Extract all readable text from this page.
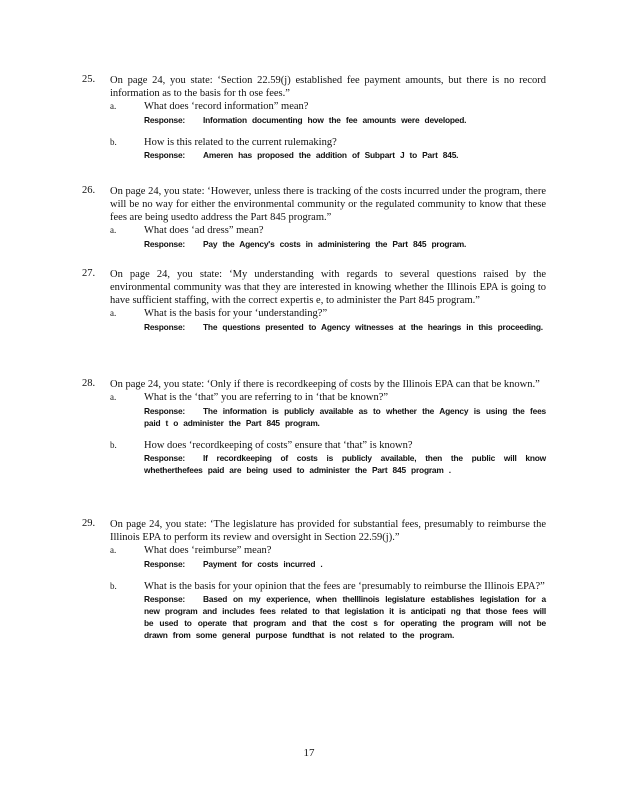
25. On page 24, you state: ‘Section 22.59(j) established fee payment amounts, but there is no record information as to the basis for th ose fees.”
a.	What does ‘record information” mean?
Response: Information documenting how the fee amounts were developed.
b.	How is this related to the current rulemaking?
Response: Ameren has proposed the addition of Subpart J to Part 845.
26. On page 24, you state: ‘However, unless there is tracking of the costs incurred under the program, there will be no way for either the environmental community or the regulated community to know that these fees are being usedto address the Part 845 program.”
a.	What does ‘ad dress” mean?
Response: Pay the Agency's costs in administering the Part 845 program.
27. On page 24, you state: ‘My understanding with regards to several questions raised by the environmental community was that they are interested in knowing whether the Illinois EPA is going to have sufficient staffing, with the correct expertis e, to administer the Part 845 program.”
a.	What is the basis for your ‘understanding?”
Response: The questions presented to Agency witnesses at the hearings in this proceeding.
28. On page 24, you state: ‘Only if there is recordkeeping of costs by the Illinois EPA can that be known.”
a.	What is the ‘that” you are referring to in ‘that be known?”
Response: The information is publicly available as to whether the Agency is using the fees paid t o administer the Part 845 program.
b.	How does ‘recordkeeping of costs” ensure that ‘that” is known?
Response: If recordkeeping of costs is publicly available, then the public will know whetherthefees paid are being used to administer the Part 845 program .
29. On page 24, you state: ‘The legislature has provided for substantial fees, presumably to reimburse the Illinois EPA to perform its review and oversight in Section 22.59(j).”
a.	What does ‘reimburse” mean?
Response: Payment for costs incurred .
b.	What is the basis for your opinion that the fees are ‘presumably to reimburse the Illinois EPA?”
Response: Based on my experience, when theIllinois legislature establishes legislation for a new program and includes fees related to that legislation it is anticipati ng that those fees will be used to operate that program and that the cost s for operating the program will not be drawn from some general purpose fundthat is not related to the program.
17
